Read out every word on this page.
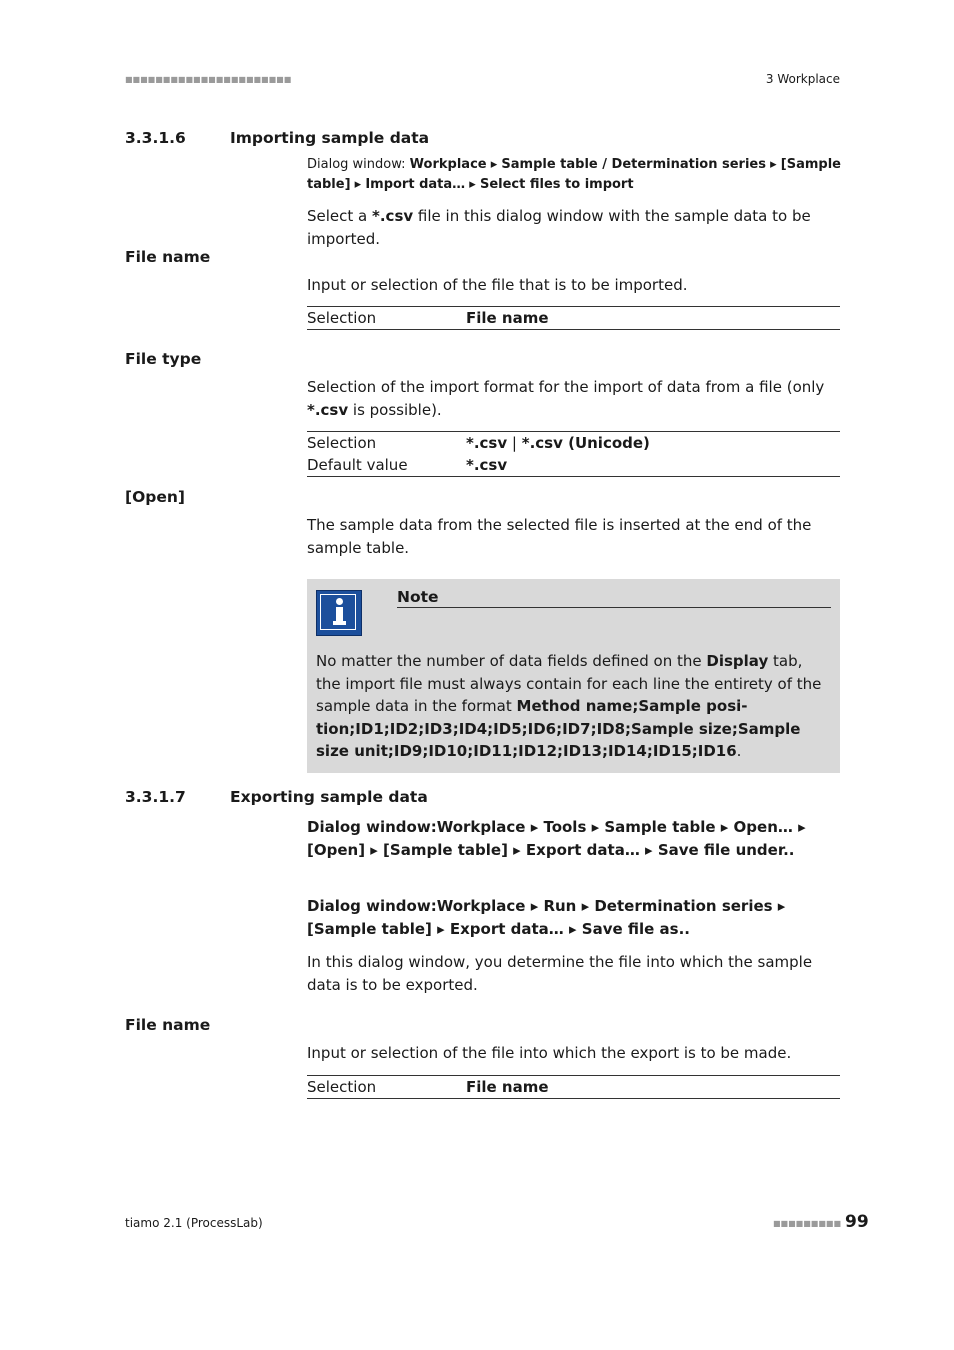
■■■■■■■■■■■■■■■■■■■■■■	3 Workplace
3.3.1.6	Importing sample data
Dialog window: Workplace ▸ Sample table / Determination series ▸ [Sample table] ▸ Import data… ▸ Select files to import
Select a *.csv file in this dialog window with the sample data to be imported.
File name
Input or selection of the file that is to be imported.
Selection	File name
File type
Selection of the import format for the import of data from a file (only *.csv is possible).
Selection	*.csv | *.csv (Unicode)
Default value	*.csv
[Open]
The sample data from the selected file is inserted at the end of the sample table.
Note
No matter the number of data fields defined on the Display tab, the import file must always contain for each line the entirety of the sample data in the format Method name;Sample position;ID1;ID2;ID3;ID4;ID5;ID6;ID7;ID8;Sample size;Sample size unit;ID9;ID10;ID11;ID12;ID13;ID14;ID15;ID16.
3.3.1.7	Exporting sample data
Dialog window:Workplace ▸ Tools ▸ Sample table ▸ Open… ▸ [Open] ▸ [Sample table] ▸ Export data… ▸ Save file under..
Dialog window:Workplace ▸ Run ▸ Determination series ▸ [Sample table] ▸ Export data… ▸ Save file as..
In this dialog window, you determine the file into which the sample data is to be exported.
File name
Input or selection of the file into which the export is to be made.
Selection	File name
tiamo 2.1 (ProcessLab)	■■■■■■■■■ 99
